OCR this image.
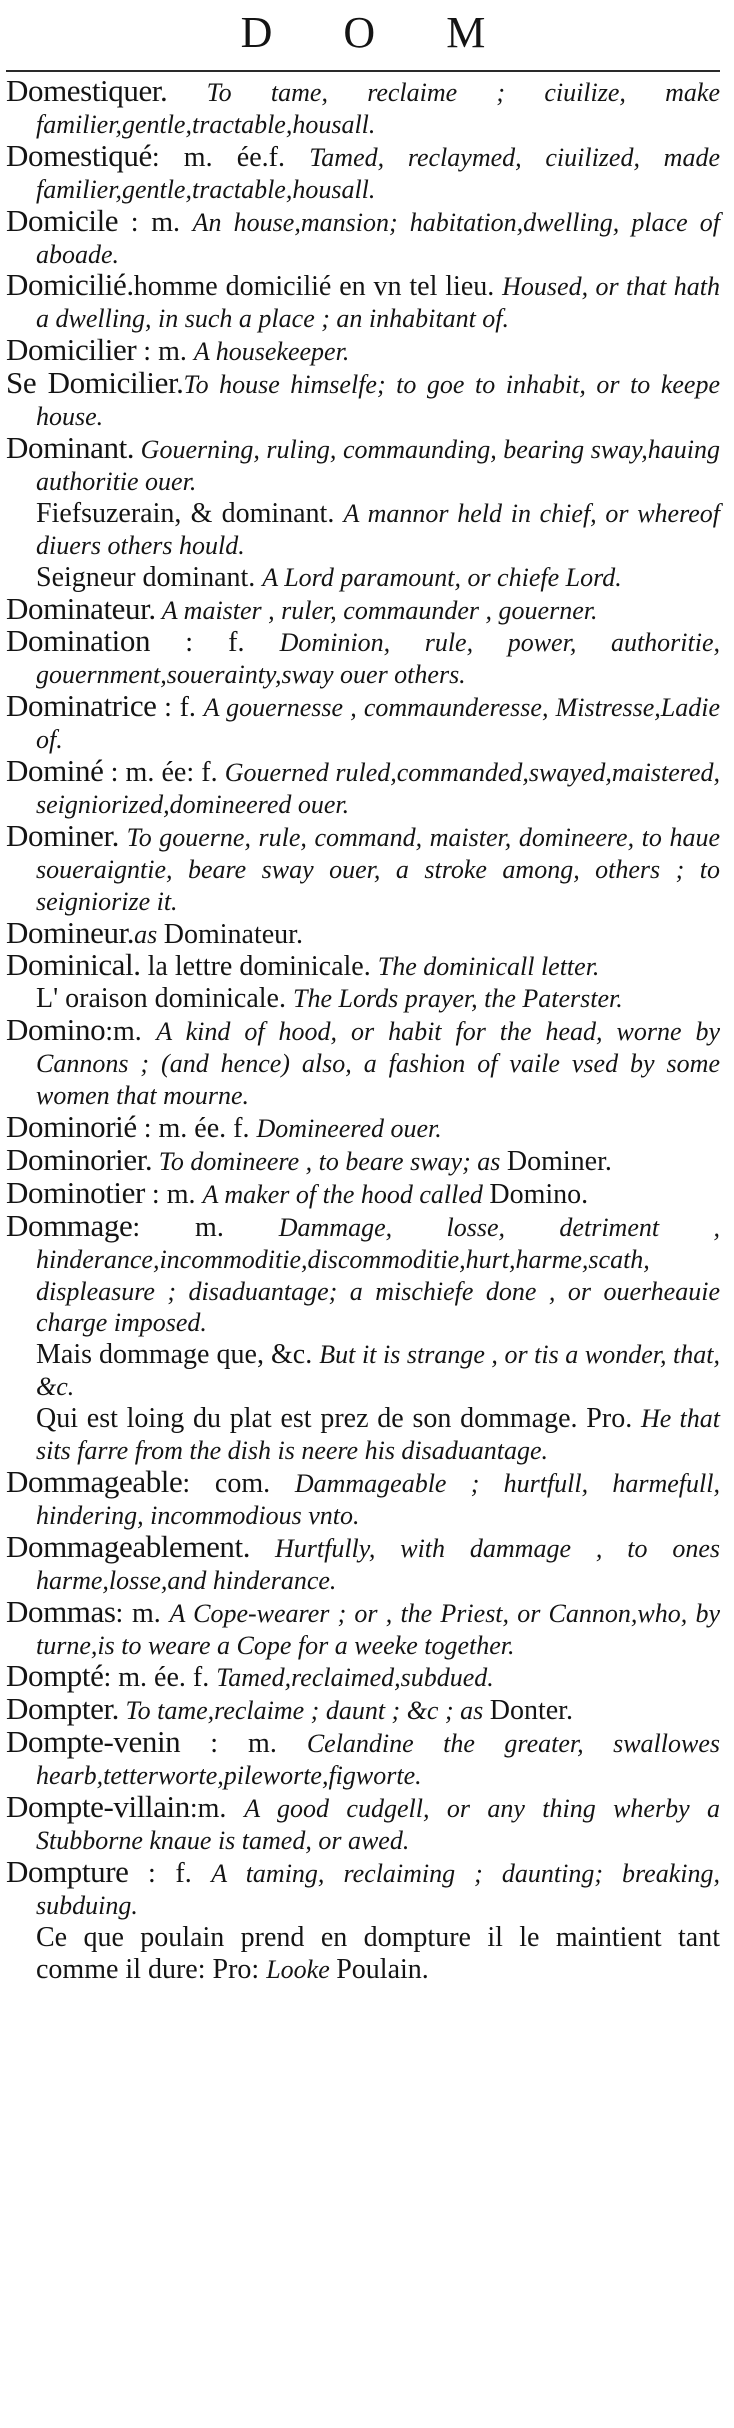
D O M

Domestiquer. To tame, reclaime ; ciuilize, make familier,gentle,tractable,housall.

Domestiqué: m. ée.f. Tamed, reclaymed, ciuilized, made familier,gentle,tractable,housall.

Domicile : m. An house,mansion; habitation,dwelling, place of aboade.

Domicilié.homme domicilié en vn tel lieu. Housed, or that hath a dwelling, in such a place ; an inhabitant of.

Domicilier : m. A housekeeper.

Se Domicilier.To house himselfe; to goe to inhabit, or to keepe house.

Dominant. Gouerning, ruling, commaunding, bearing sway,hauing authoritie ouer.

Fiefsuzerain, & dominant. A mannor held in chief, or whereof diuers others hould.

Seigneur dominant. A Lord paramount, or chiefe Lord.

Dominateur. A maister , ruler, commaunder , gouerner.

Domination : f. Dominion, rule, power, authoritie, gouernment,souerainty,sway ouer others.

Dominatrice : f. A gouernesse , commaunderesse, Mistresse,Ladie of.

Dominé : m. ée: f. Gouerned ruled,commanded,swayed,maistered, seigniorized,domineered ouer.

Dominer. To gouerne, rule, command, maister, domineere, to haue soueraigntie, beare sway ouer, a stroke among, others ; to seigniorize it.

Domineur.as Dominateur.

Dominical. la lettre dominicale. The dominicall letter.

L' oraison dominicale. The Lords prayer, the Paterster.

Domino:m. A kind of hood, or habit for the head, worne by Cannons ; (and hence) also, a fashion of vaile vsed by some women that mourne.

Dominorié : m. ée. f. Domineered ouer.

Dominorier. To domineere , to beare sway; as Dominer.

Dominotier : m. A maker of the hood called Domino.

Dommage: m. Dammage, losse, detriment , hinderance,incommoditie,discommoditie,hurt,harme,scath, displeasure ; disaduantage; a mischiefe done , or ouerheauie charge imposed.

Mais dommage que, &c. But it is strange , or tis a wonder, that, &c.

Qui est loing du plat est prez de son dommage. Pro. He that sits farre from the dish is neere his disaduantage.

Dommageable: com. Dammageable ; hurtfull, harmefull, hindering, incommodious vnto.

Dommageablement. Hurtfully, with dammage , to ones harme,losse,and hinderance.

Dommas: m. A Cope-wearer ; or , the Priest, or Cannon,who, by turne,is to weare a Cope for a weeke together.

Dompté: m. ée. f. Tamed,reclaimed,subdued.

Dompter. To tame,reclaime ; daunt ; &c ; as Donter.

Dompte-venin : m. Celandine the greater, swallowes hearb,tetterworte,pileworte,figworte.

Dompte-villain:m. A good cudgell, or any thing wherby a Stubborne knaue is tamed, or awed.

Dompture : f. A taming, reclaiming ; daunting; breaking, subduing.

Ce que poulain prend en dompture il le maintient tant comme il dure: Pro: Looke Poulain.
